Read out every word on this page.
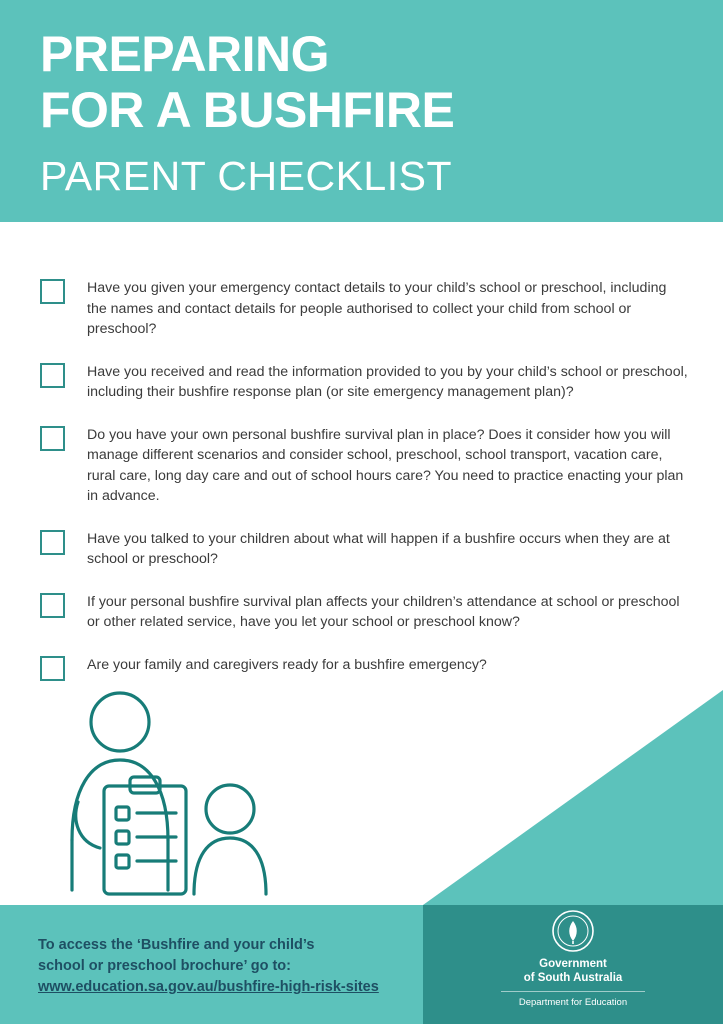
PREPARING
FOR A BUSHFIRE
PARENT CHECKLIST
Have you given your emergency contact details to your child’s school or preschool, including the names and contact details for people authorised to collect your child from school or preschool?
Have you received and read the information provided to you by your child’s school or preschool, including their bushfire response plan (or site emergency management plan)?
Do you have your own personal bushfire survival plan in place? Does it consider how you will manage different scenarios and consider school, preschool, school transport, vacation care, rural care, long day care and out of school hours care? You need to practice enacting your plan in advance.
Have you talked to your children about what will happen if a bushfire occurs when they are at school or preschool?
If your personal bushfire survival plan affects your children’s attendance at school or preschool or other related service, have you let your school or preschool know?
Are your family and caregivers ready for a bushfire emergency?
To access the ‘Bushfire and your child’s
school or preschool brochure’ go to:
www.education.sa.gov.au/bushfire-high-risk-sites
Government
of South Australia
Department for Education
